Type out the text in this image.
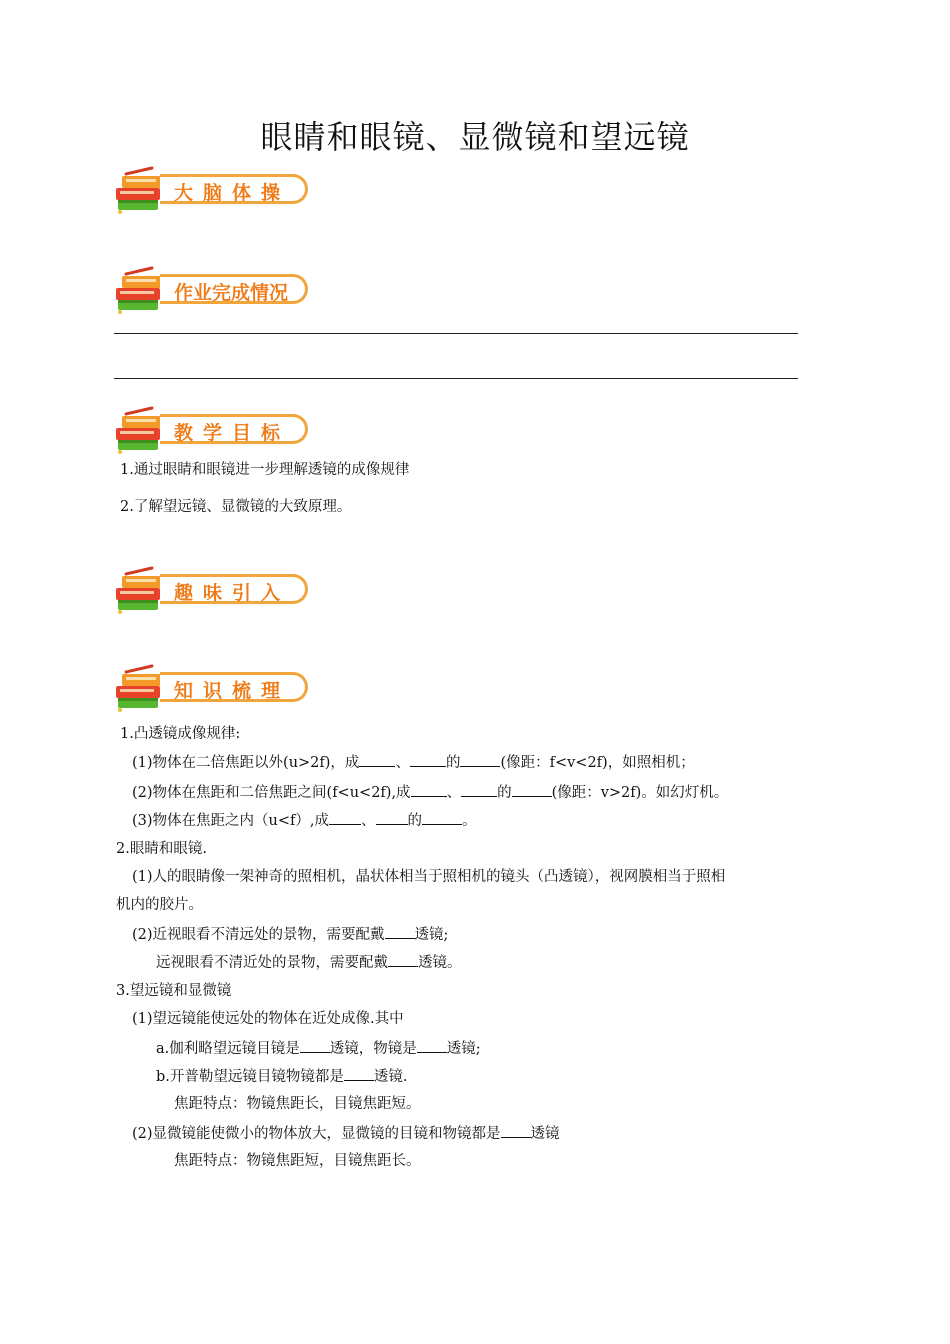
眼睛和眼镜、显微镜和望远镜
大脑体操
作业完成情况
教学目标
1.通过眼睛和眼镜进一步理解透镜的成像规律
2.了解望远镜、显微镜的大致原理。
趣味引入
知识梳理
1.凸透镜成像规律:
(1)物体在二倍焦距以外(u>2f)，成 、 的	(像距：f<v<2f)，如照相机；
(2)物体在焦距和二倍焦距之间(f<u<2f),成 、 的	(像距：v>2f)。如幻灯机。
(3)物体在焦距之内（u<f）,成 、 的	。
2.眼睛和眼镜.
(1)人的眼睛像一架神奇的照相机，晶状体相当于照相机的镜头（凸透镜），视网膜相当于照相
机内的胶片。
(2)近视眼看不清远处的景物，需要配戴 透镜;
远视眼看不清近处的景物，需要配戴 透镜。
3.望远镜和显微镜
(1)望远镜能使远处的物体在近处成像.其中
a.伽利略望远镜目镜是 透镜，物镜是 透镜;
b.开普勒望远镜目镜物镜都是 透镜.
焦距特点：物镜焦距长，目镜焦距短。
(2)显微镜能使微小的物体放大，显微镜的目镜和物镜都是 透镜
焦距特点：物镜焦距短，目镜焦距长。
